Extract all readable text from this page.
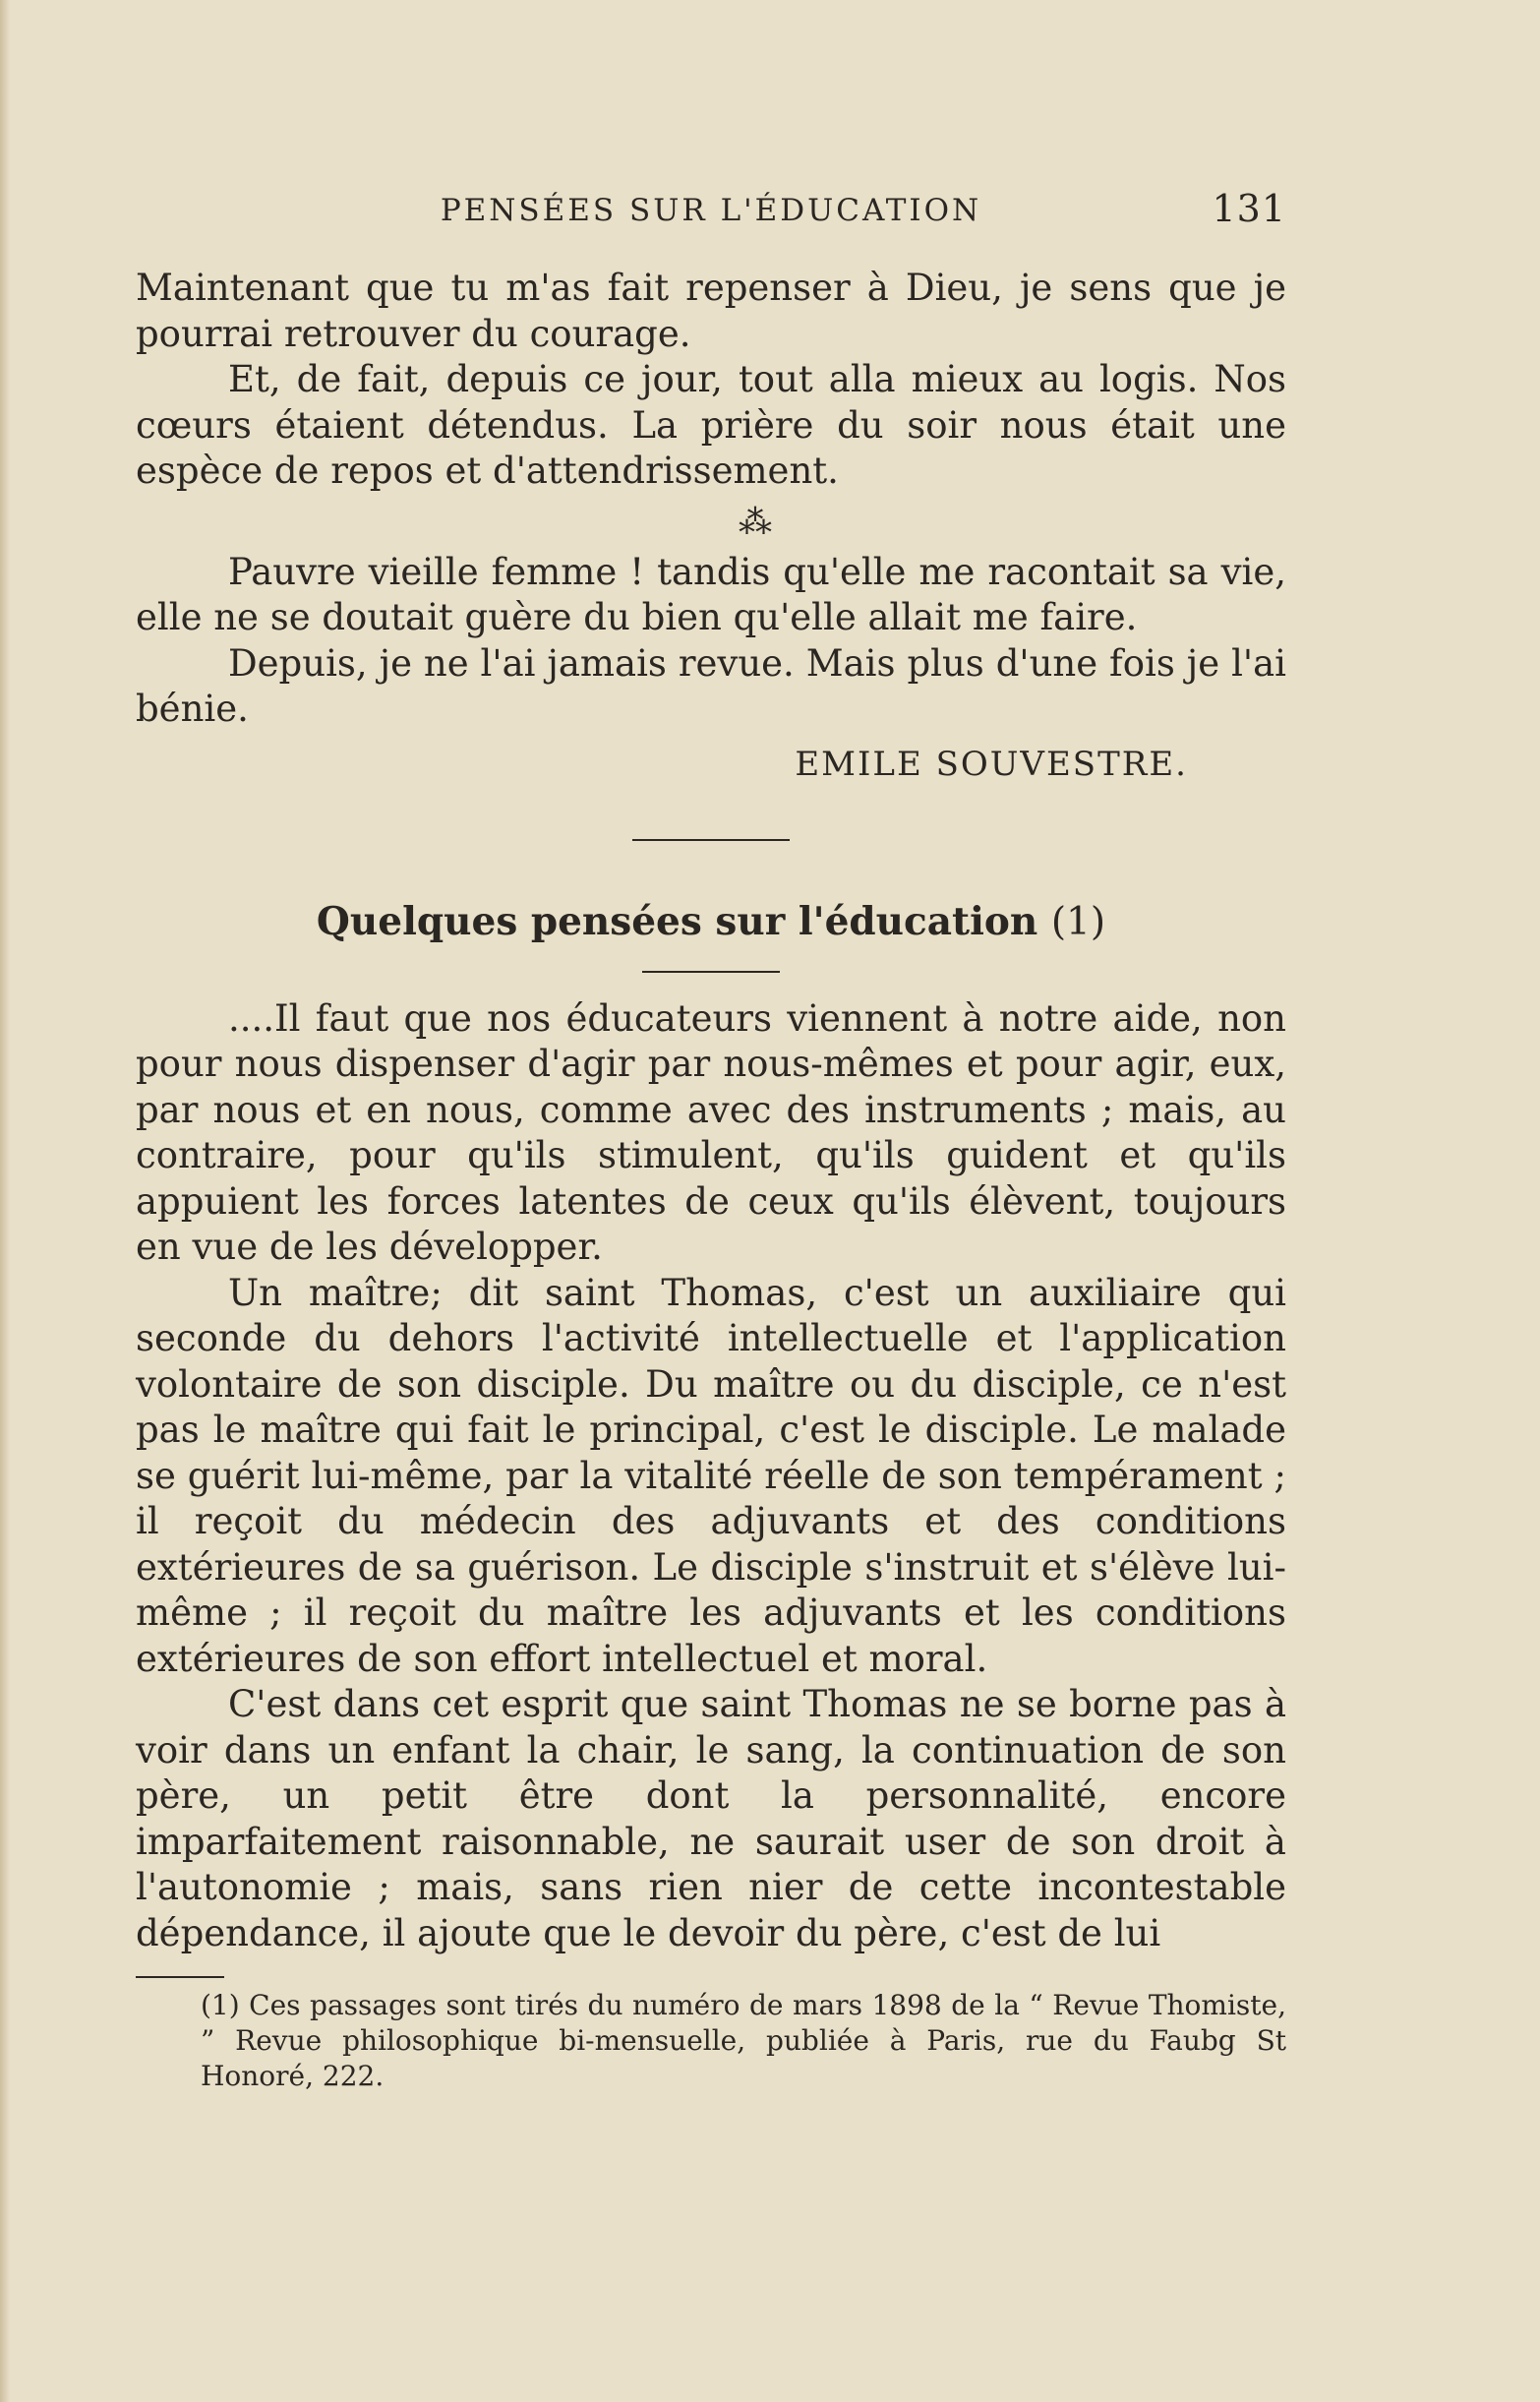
PENSÉES SUR L'ÉDUCATION	131

Maintenant que tu m'as fait repenser à Dieu, je sens que je pourrai retrouver du courage.

Et, de fait, depuis ce jour, tout alla mieux au logis. Nos cœurs étaient détendus. La prière du soir nous était une espèce de repos et d'attendrissement.

⁂

Pauvre vieille femme ! tandis qu'elle me racontait sa vie, elle ne se doutait guère du bien qu'elle allait me faire.

Depuis, je ne l'ai jamais revue. Mais plus d'une fois je l'ai bénie.

EMILE SOUVESTRE.
Quelques pensées sur l'éducation (1)

....Il faut que nos éducateurs viennent à notre aide, non pour nous dispenser d'agir par nous-mêmes et pour agir, eux, par nous et en nous, comme avec des instruments ; mais, au contraire, pour qu'ils stimulent, qu'ils guident et qu'ils appuient les forces latentes de ceux qu'ils élèvent, toujours en vue de les développer.

Un maître; dit saint Thomas, c'est un auxiliaire qui seconde du dehors l'activité intellectuelle et l'application volontaire de son disciple. Du maître ou du disciple, ce n'est pas le maître qui fait le principal, c'est le disciple. Le malade se guérit lui-même, par la vitalité réelle de son tempérament ; il reçoit du médecin des adjuvants et des conditions extérieures de sa guérison. Le disciple s'instruit et s'élève lui-même ; il reçoit du maître les adjuvants et les conditions extérieures de son effort intellectuel et moral.

C'est dans cet esprit que saint Thomas ne se borne pas à voir dans un enfant la chair, le sang, la continuation de son père, un petit être dont la personnalité, encore imparfaitement raisonnable, ne saurait user de son droit à l'autonomie ; mais, sans rien nier de cette incontestable dépendance, il ajoute que le devoir du père, c'est de lui

(1) Ces passages sont tirés du numéro de mars 1898 de la “ Revue Thomiste, ” Revue philosophique bi-mensuelle, publiée à Paris, rue du Faubg St Honoré, 222.
